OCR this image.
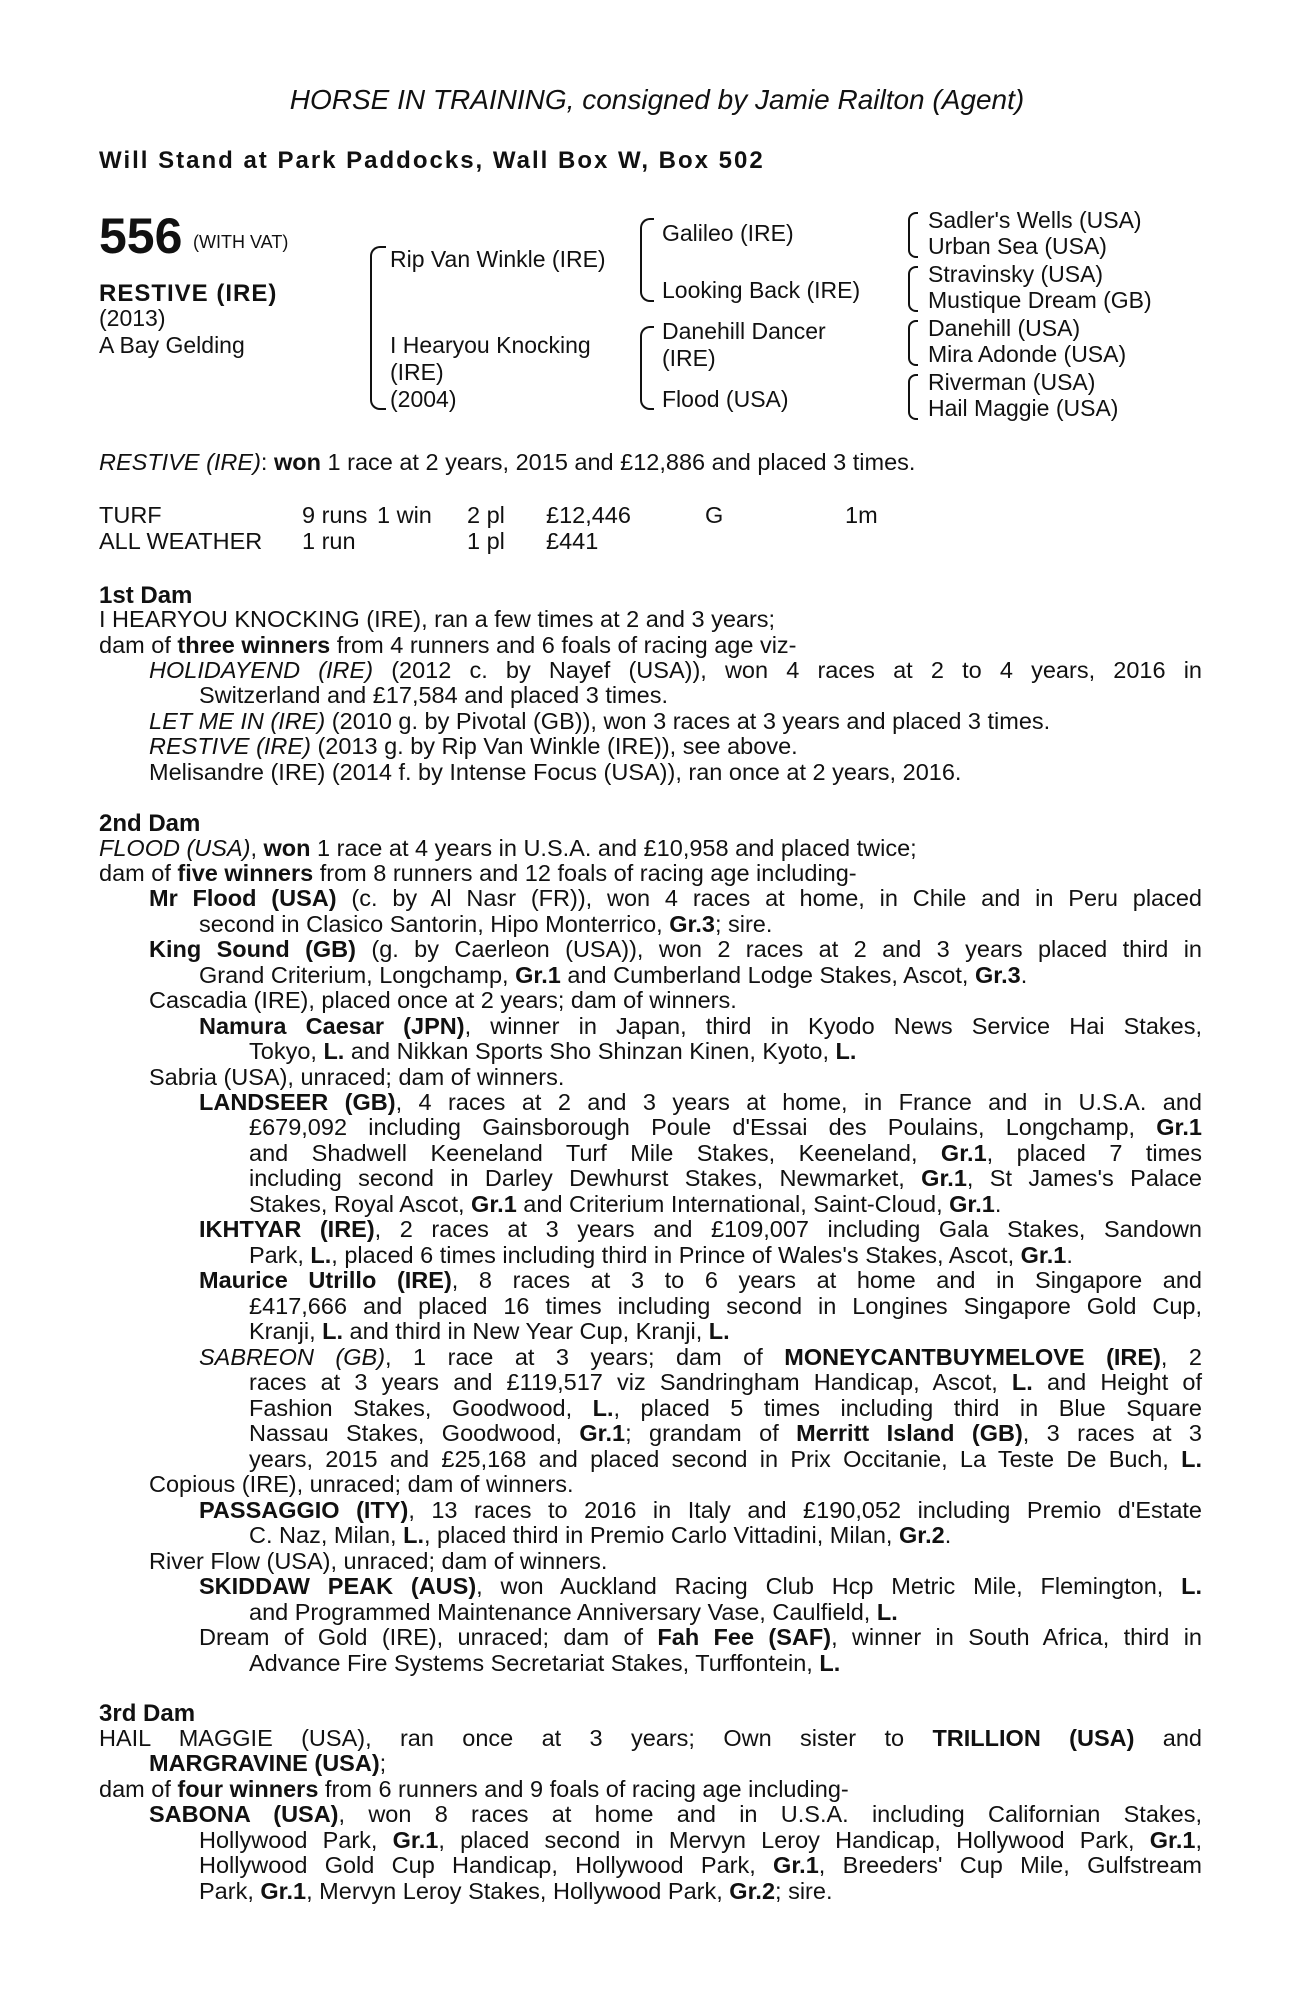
HORSE IN TRAINING, consigned by Jamie Railton (Agent)
Will Stand at Park Paddocks, Wall Box W, Box 502
556 (WITH VAT)
RESTIVE (IRE)
(2013)
A Bay Gelding
Rip Van Winkle (IRE)
I Hearyou Knocking
(IRE)
(2004)
Galileo (IRE)
Looking Back (IRE)
Danehill Dancer
(IRE)
Flood (USA)
Sadler's Wells (USA)
Urban Sea (USA)
Stravinsky (USA)
Mustique Dream (GB)
Danehill (USA)
Mira Adonde (USA)
Riverman (USA)
Hail Maggie (USA)
RESTIVE (IRE): won 1 race at 2 years, 2015 and £12,886 and placed 3 times.
TURF	9 runs 1 win 2 pl £12,446	G	1m
ALL WEATHER 1 run	1 pl £441
1st Dam
I HEARYOU KNOCKING (IRE), ran a few times at 2 and 3 years;
dam of three winners from 4 runners and 6 foals of racing age viz-
HOLIDAYEND (IRE) (2012 c. by Nayef (USA)), won 4 races at 2 to 4 years, 2016 in
Switzerland and £17,584 and placed 3 times.
LET ME IN (IRE) (2010 g. by Pivotal (GB)), won 3 races at 3 years and placed 3 times.
RESTIVE (IRE) (2013 g. by Rip Van Winkle (IRE)), see above.
Melisandre (IRE) (2014 f. by Intense Focus (USA)), ran once at 2 years, 2016.
2nd Dam
FLOOD (USA), won 1 race at 4 years in U.S.A. and £10,958 and placed twice;
dam of five winners from 8 runners and 12 foals of racing age including-
Mr Flood (USA) (c. by Al Nasr (FR)), won 4 races at home, in Chile and in Peru placed
second in Clasico Santorin, Hipo Monterrico, Gr.3; sire.
King Sound (GB) (g. by Caerleon (USA)), won 2 races at 2 and 3 years placed third in
Grand Criterium, Longchamp, Gr.1 and Cumberland Lodge Stakes, Ascot, Gr.3.
Cascadia (IRE), placed once at 2 years; dam of winners.
Namura Caesar (JPN), winner in Japan, third in Kyodo News Service Hai Stakes,
Tokyo, L. and Nikkan Sports Sho Shinzan Kinen, Kyoto, L.
Sabria (USA), unraced; dam of winners.
LANDSEER (GB), 4 races at 2 and 3 years at home, in France and in U.S.A. and
£679,092 including Gainsborough Poule d'Essai des Poulains, Longchamp, Gr.1
and Shadwell Keeneland Turf Mile Stakes, Keeneland, Gr.1, placed 7 times
including second in Darley Dewhurst Stakes, Newmarket, Gr.1, St James's Palace
Stakes, Royal Ascot, Gr.1 and Criterium International, Saint-Cloud, Gr.1.
IKHTYAR (IRE), 2 races at 3 years and £109,007 including Gala Stakes, Sandown
Park, L., placed 6 times including third in Prince of Wales's Stakes, Ascot, Gr.1.
Maurice Utrillo (IRE), 8 races at 3 to 6 years at home and in Singapore and
£417,666 and placed 16 times including second in Longines Singapore Gold Cup,
Kranji, L. and third in New Year Cup, Kranji, L.
SABREON (GB), 1 race at 3 years; dam of MONEYCANTBUYMELOVE (IRE), 2
races at 3 years and £119,517 viz Sandringham Handicap, Ascot, L. and Height of
Fashion Stakes, Goodwood, L., placed 5 times including third in Blue Square
Nassau Stakes, Goodwood, Gr.1; grandam of Merritt Island (GB), 3 races at 3
years, 2015 and £25,168 and placed second in Prix Occitanie, La Teste De Buch, L.
Copious (IRE), unraced; dam of winners.
PASSAGGIO (ITY), 13 races to 2016 in Italy and £190,052 including Premio d'Estate
C. Naz, Milan, L., placed third in Premio Carlo Vittadini, Milan, Gr.2.
River Flow (USA), unraced; dam of winners.
SKIDDAW PEAK (AUS), won Auckland Racing Club Hcp Metric Mile, Flemington, L.
and Programmed Maintenance Anniversary Vase, Caulfield, L.
Dream of Gold (IRE), unraced; dam of Fah Fee (SAF), winner in South Africa, third in
Advance Fire Systems Secretariat Stakes, Turffontein, L.
3rd Dam
HAIL MAGGIE (USA), ran once at 3 years; Own sister to TRILLION (USA) and
MARGRAVINE (USA);
dam of four winners from 6 runners and 9 foals of racing age including-
SABONA (USA), won 8 races at home and in U.S.A. including Californian Stakes,
Hollywood Park, Gr.1, placed second in Mervyn Leroy Handicap, Hollywood Park, Gr.1,
Hollywood Gold Cup Handicap, Hollywood Park, Gr.1, Breeders' Cup Mile, Gulfstream
Park, Gr.1, Mervyn Leroy Stakes, Hollywood Park, Gr.2; sire.
